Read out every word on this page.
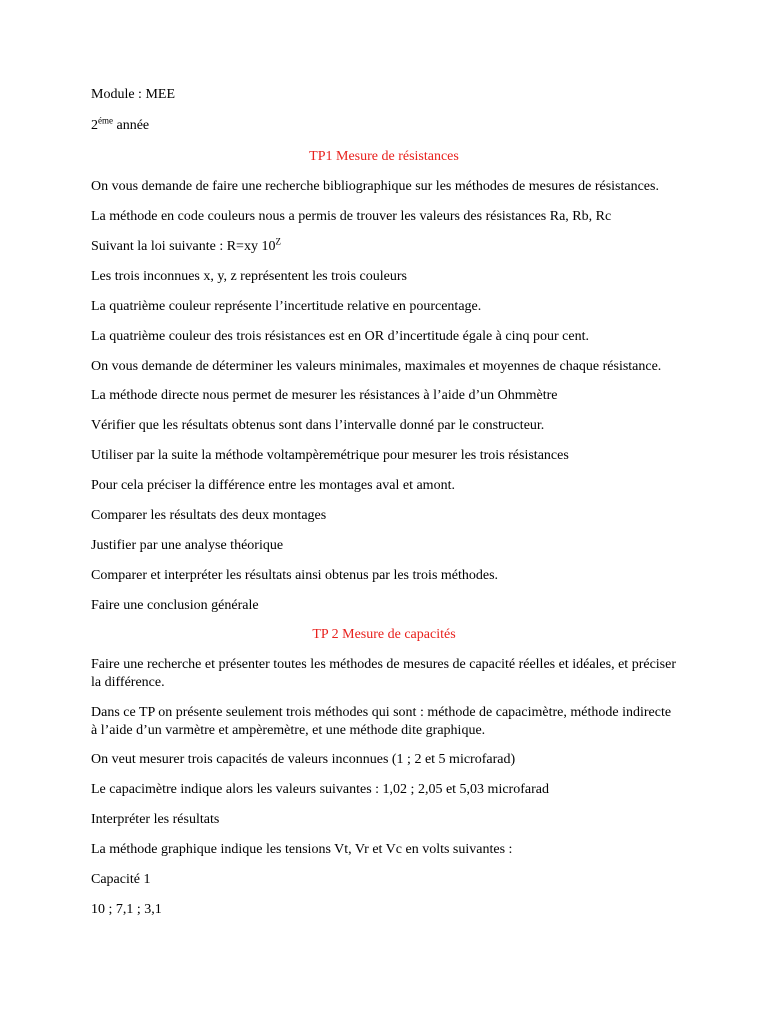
Module : MEE
$2^{éme}$ année
TP1 Mesure de résistances
On vous demande de faire une recherche bibliographique sur les méthodes de mesures de résistances.
La méthode en code couleurs nous a permis de trouver les valeurs des résistances Ra, Rb, Rc
Suivant la loi suivante : R=xy $10^Z$
Les trois inconnues x, y, z représentent les trois couleurs
La quatrième couleur représente l’incertitude relative en pourcentage.
La quatrième couleur des trois résistances est en OR d’incertitude égale à cinq pour cent.
On vous demande de déterminer les valeurs minimales, maximales et moyennes de chaque résistance.
La méthode directe nous permet de mesurer les résistances à l’aide d’un Ohmmètre
Vérifier que les résultats obtenus sont dans l’intervalle donné par le constructeur.
Utiliser par la suite la méthode voltampèremétrique pour mesurer les trois résistances
Pour cela préciser la différence entre les montages aval et amont.
Comparer les résultats des deux montages
Justifier par une analyse théorique
Comparer et interpréter les résultats ainsi obtenus par les trois méthodes.
Faire une conclusion générale
TP 2 Mesure de capacités
Faire une recherche et présenter toutes les méthodes de mesures de capacité réelles et idéales, et préciser la différence.
Dans ce TP on présente seulement trois méthodes qui sont : méthode de capacimètre, méthode indirecte à l’aide d’un varmètre et ampèremètre, et une méthode dite graphique.
On veut mesurer trois capacités de valeurs inconnues (1 ; 2 et 5 microfarad)
Le capacimètre indique alors les valeurs suivantes : 1,02 ; 2,05 et 5,03 microfarad
Interpréter les résultats
La méthode graphique indique les tensions Vt, Vr et Vc en volts suivantes :
Capacité 1
10 ; 7,1 ; 3,1
